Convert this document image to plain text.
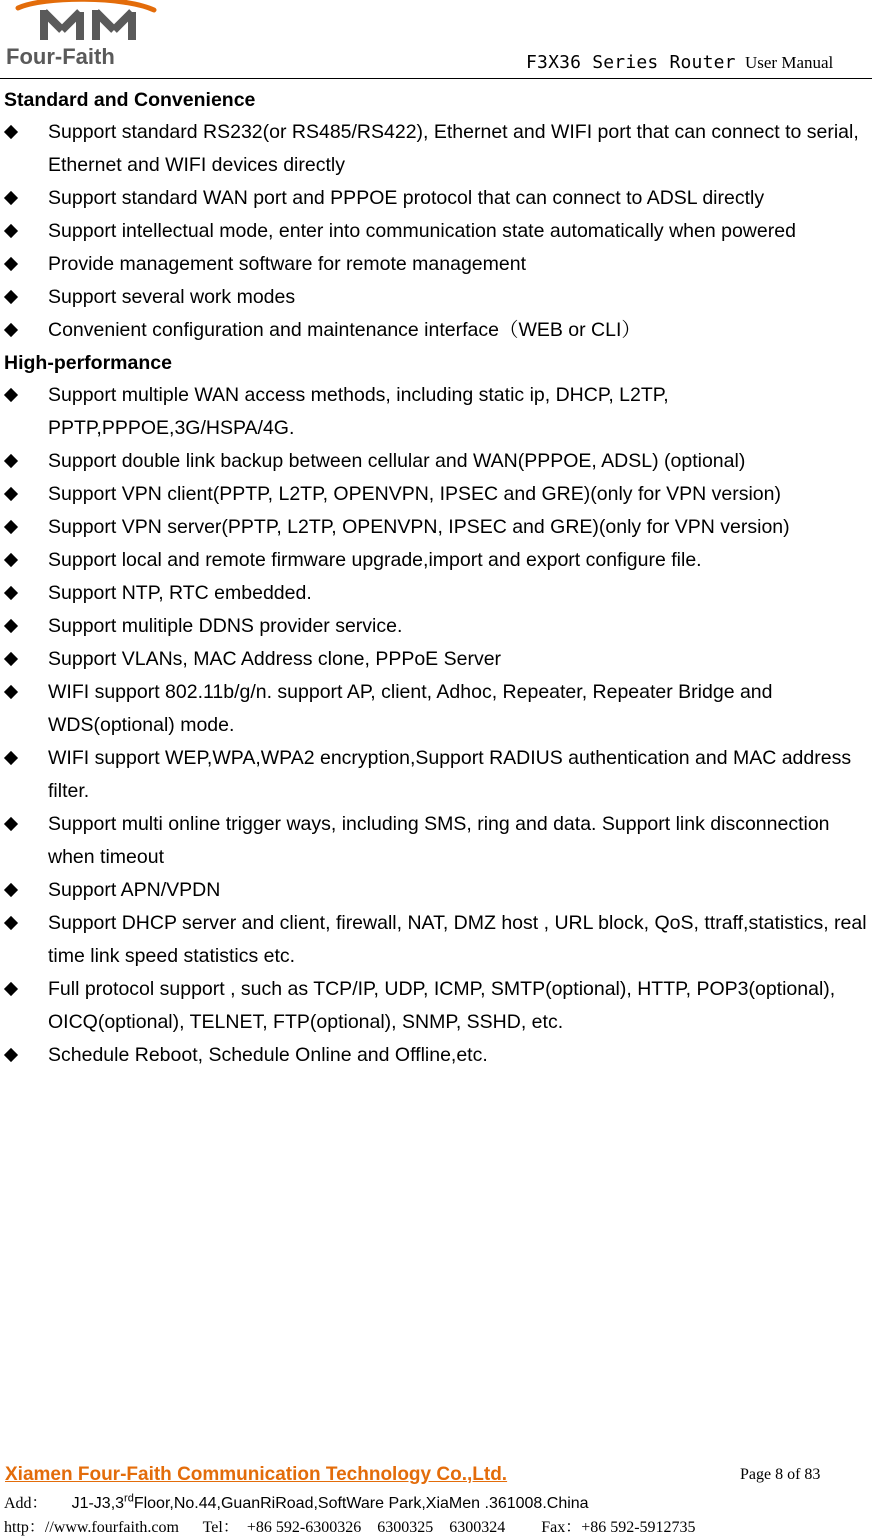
Four-Faith	F3X36 Series Router User Manual
Standard and Convenience
Support standard RS232(or RS485/RS422), Ethernet and WIFI port that can connect to serial, Ethernet and WIFI devices directly
Support standard WAN port and PPPOE protocol that can connect to ADSL directly
Support intellectual mode, enter into communication state automatically when powered
Provide management software for remote management
Support several work modes
Convenient configuration and maintenance interface（WEB or CLI）
High-performance
Support multiple WAN access methods, including static ip, DHCP, L2TP, PPTP,PPPOE,3G/HSPA/4G.
Support double link backup between cellular and WAN(PPPOE, ADSL) (optional)
Support VPN client(PPTP, L2TP, OPENVPN, IPSEC and GRE)(only for VPN version)
Support VPN server(PPTP, L2TP, OPENVPN, IPSEC and GRE)(only for VPN version)
Support local and remote firmware upgrade,import and export configure file.
Support NTP, RTC embedded.
Support mulitiple DDNS provider service.
Support VLANs, MAC Address clone, PPPoE Server
WIFI support 802.11b/g/n. support AP, client, Adhoc, Repeater, Repeater Bridge and WDS(optional) mode.
WIFI support WEP,WPA,WPA2 encryption,Support RADIUS authentication and MAC address filter.
Support multi online trigger ways, including SMS, ring and data. Support link disconnection when timeout
Support APN/VPDN
Support DHCP server and client, firewall, NAT, DMZ host , URL block, QoS, ttraff,statistics, real time link speed statistics etc.
Full protocol support , such as TCP/IP, UDP, ICMP, SMTP(optional), HTTP, POP3(optional), OICQ(optional), TELNET, FTP(optional), SNMP, SSHD, etc.
Schedule Reboot, Schedule Online and Offline,etc.
Xiamen Four-Faith Communication Technology Co.,Ltd.	Page 8 of 83
Add： J1-J3,3rdFloor,No.44,GuanRiRoad,SoftWare Park,XiaMen .361008.China
http：//www.fourfaith.com      Tel：  +86 592-6300326    6300325    6300324         Fax：+86 592-5912735
